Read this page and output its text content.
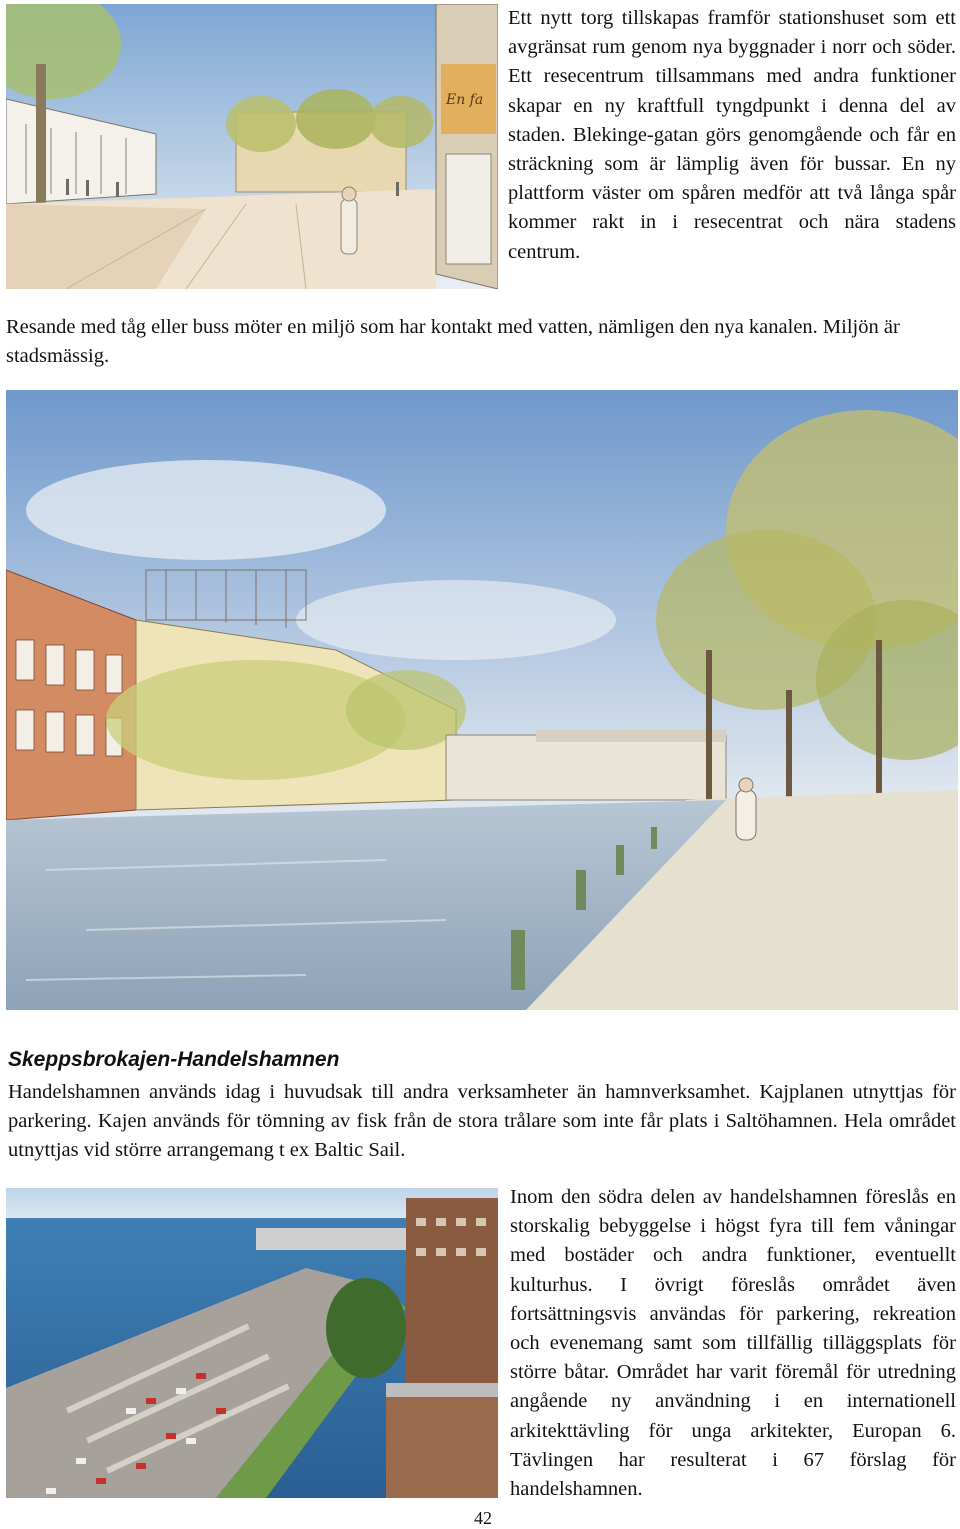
En fa

Ett nytt torg tillskapas framför stationshuset som ett avgränsat rum genom nya byggnader i norr och söder. Ett resecentrum tillsammans med andra funktioner skapar en ny kraftfull tyngdpunkt i denna del av staden. Blekinge-gatan görs genomgående och får en sträckning som är lämplig även för bussar. En ny plattform väster om spåren medför att två långa spår kommer rakt in i resecentrat och nära stadens centrum.

Resande med tåg eller buss möter en miljö som har kontakt med vatten, nämligen den nya kanalen. Miljön är stadsmässig.

Skeppsbrokajen-Handelshamnen

Handelshamnen används idag i huvudsak till andra verksamheter än hamnverksamhet. Kajplanen utnyttjas för parkering. Kajen används för tömning av fisk från de stora trålare som inte får plats i Saltöhamnen. Hela området utnyttjas vid större arrangemang t ex Baltic Sail.

Inom den södra delen av handelshamnen föreslås en storskalig bebyggelse i högst fyra till fem våningar med bostäder och andra funktioner, eventuellt kulturhus. I övrigt föreslås området även fortsättningsvis användas för parkering, rekreation och evenemang samt som tillfällig tilläggsplats för större båtar. Området har varit föremål för utredning angående ny användning i en internationell arkitekttävling för unga arkitekter, Europan 6. Tävlingen har resulterat i 67 förslag för handelshamnen.

42
